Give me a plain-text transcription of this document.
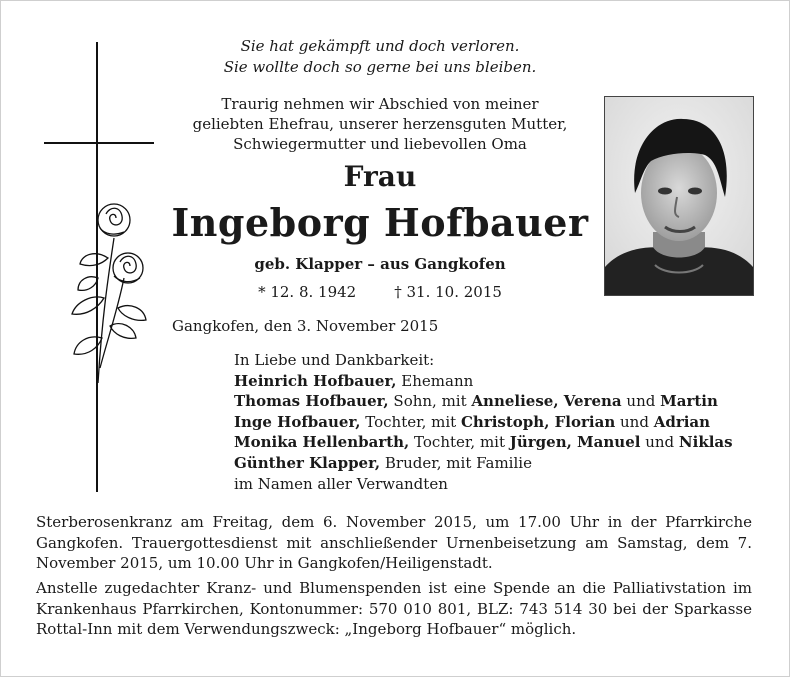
Sie hat gekämpft und doch verloren.
Sie wollte doch so gerne bei uns bleiben.
Traurig nehmen wir Abschied von meiner
geliebten Ehefrau, unserer herzensguten Mutter,
Schwiegermutter und liebevollen Oma
Frau
Ingeborg Hofbauer
geb. Klapper – aus Gangkofen
* 12. 8. 1942	† 31. 10. 2015
Gangkofen, den 3. November 2015
In Liebe und Dankbarkeit:
Heinrich Hofbauer, Ehemann
Thomas Hofbauer, Sohn, mit Anneliese, Verena und Martin
Inge Hofbauer, Tochter, mit Christoph, Florian und Adrian
Monika Hellenbarth, Tochter, mit Jürgen, Manuel und Niklas
Günther Klapper, Bruder, mit Familie
im Namen aller Verwandten
Sterberosenkranz am Freitag, dem 6. November 2015, um 17.00 Uhr in der Pfarrkirche Gangkofen. Trauergottesdienst mit anschließender Urnenbeisetzung am Samstag, dem 7. November 2015, um 10.00 Uhr in Gangkofen/Heiligenstadt.
Anstelle zugedachter Kranz- und Blumenspenden ist eine Spende an die Palliativstation im Krankenhaus Pfarrkirchen, Kontonummer: 570 010 801, BLZ: 743 514 30 bei der Sparkasse Rottal-Inn mit dem Verwendungszweck: „Ingeborg Hofbauer“ möglich.
